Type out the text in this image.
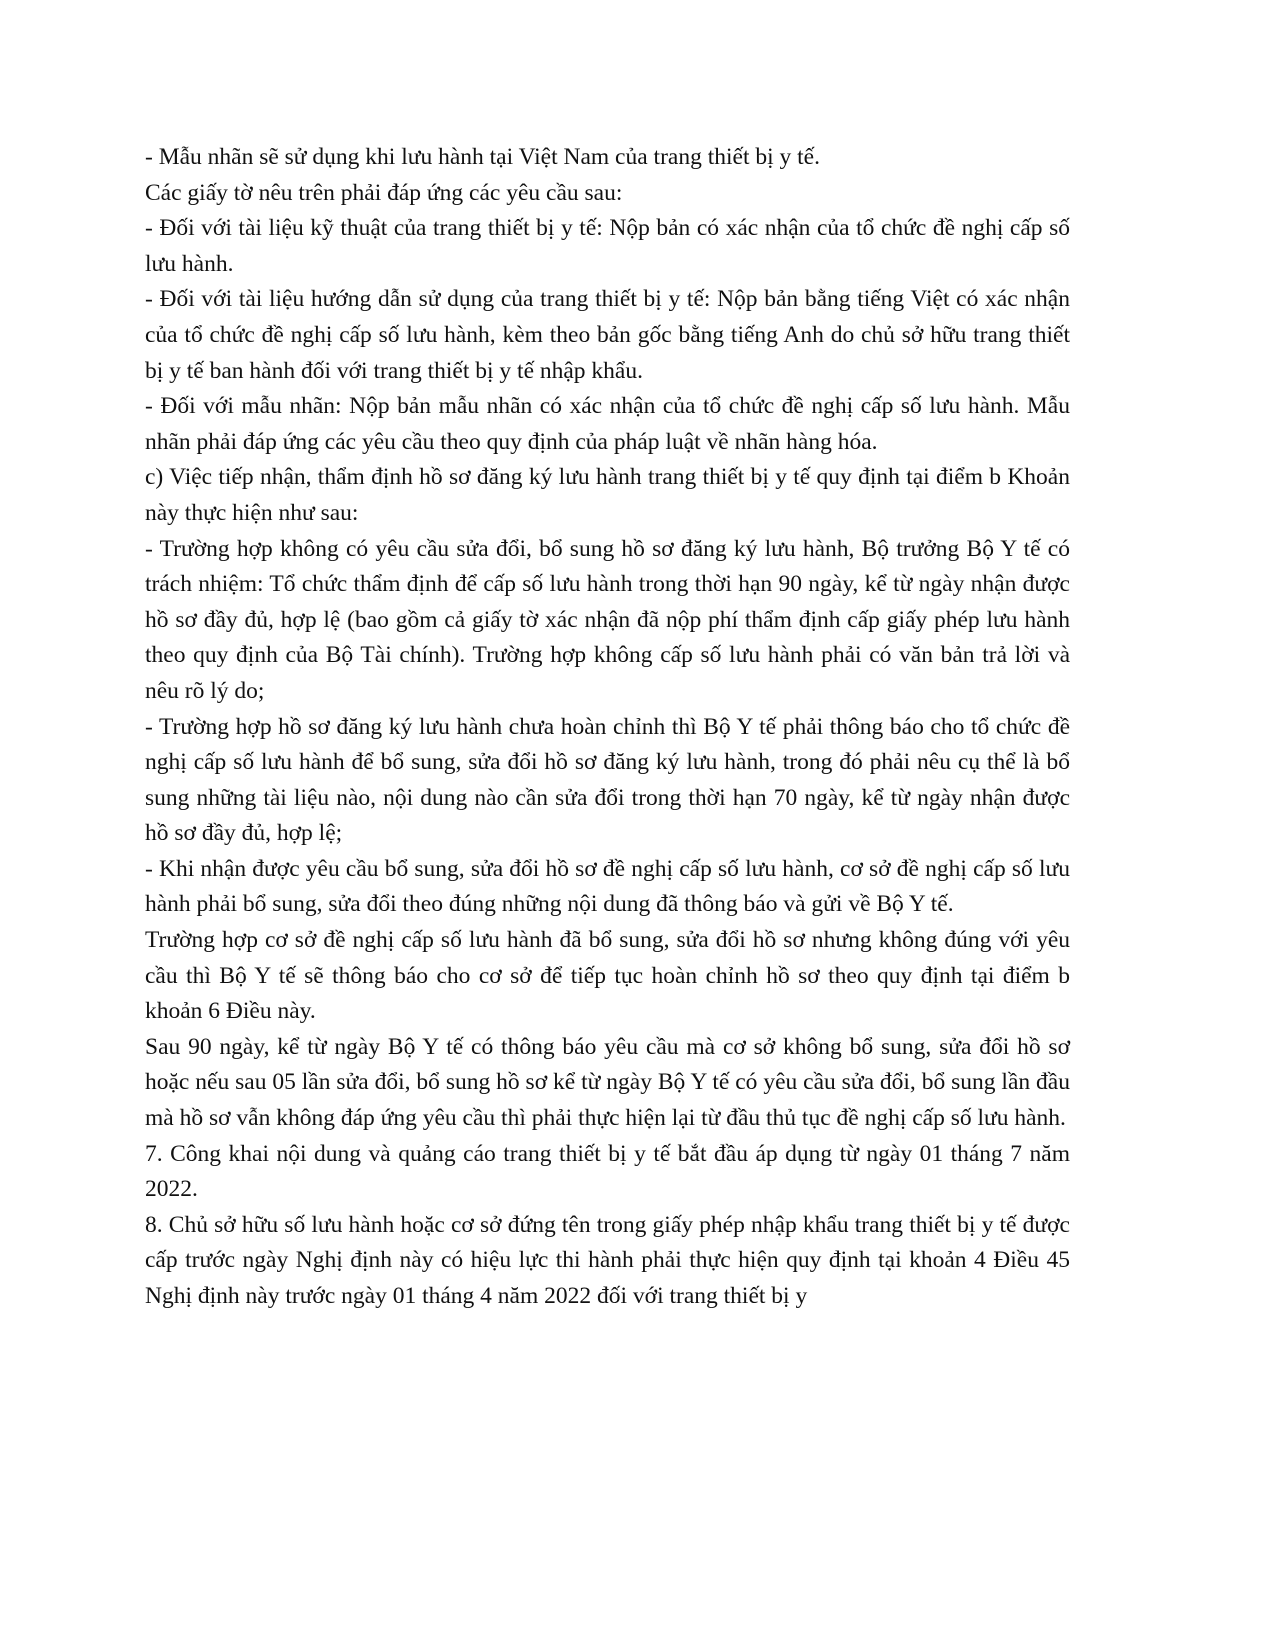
- Mẫu nhãn sẽ sử dụng khi lưu hành tại Việt Nam của trang thiết bị y tế.

Các giấy tờ nêu trên phải đáp ứng các yêu cầu sau:

- Đối với tài liệu kỹ thuật của trang thiết bị y tế: Nộp bản có xác nhận của tổ chức đề nghị cấp số lưu hành.

- Đối với tài liệu hướng dẫn sử dụng của trang thiết bị y tế: Nộp bản bằng tiếng Việt có xác nhận của tổ chức đề nghị cấp số lưu hành, kèm theo bản gốc bằng tiếng Anh do chủ sở hữu trang thiết bị y tế ban hành đối với trang thiết bị y tế nhập khẩu.

- Đối với mẫu nhãn: Nộp bản mẫu nhãn có xác nhận của tổ chức đề nghị cấp số lưu hành. Mẫu nhãn phải đáp ứng các yêu cầu theo quy định của pháp luật về nhãn hàng hóa.

c) Việc tiếp nhận, thẩm định hồ sơ đăng ký lưu hành trang thiết bị y tế quy định tại điểm b Khoản này thực hiện như sau:

- Trường hợp không có yêu cầu sửa đổi, bổ sung hồ sơ đăng ký lưu hành, Bộ trưởng Bộ Y tế có trách nhiệm: Tổ chức thẩm định để cấp số lưu hành trong thời hạn 90 ngày, kể từ ngày nhận được hồ sơ đầy đủ, hợp lệ (bao gồm cả giấy tờ xác nhận đã nộp phí thẩm định cấp giấy phép lưu hành theo quy định của Bộ Tài chính). Trường hợp không cấp số lưu hành phải có văn bản trả lời và nêu rõ lý do;

- Trường hợp hồ sơ đăng ký lưu hành chưa hoàn chỉnh thì Bộ Y tế phải thông báo cho tổ chức đề nghị cấp số lưu hành để bổ sung, sửa đổi hồ sơ đăng ký lưu hành, trong đó phải nêu cụ thể là bổ sung những tài liệu nào, nội dung nào cần sửa đổi trong thời hạn 70 ngày, kể từ ngày nhận được hồ sơ đầy đủ, hợp lệ;

- Khi nhận được yêu cầu bổ sung, sửa đổi hồ sơ đề nghị cấp số lưu hành, cơ sở đề nghị cấp số lưu hành phải bổ sung, sửa đổi theo đúng những nội dung đã thông báo và gửi về Bộ Y tế.

Trường hợp cơ sở đề nghị cấp số lưu hành đã bổ sung, sửa đổi hồ sơ nhưng không đúng với yêu cầu thì Bộ Y tế sẽ thông báo cho cơ sở để tiếp tục hoàn chỉnh hồ sơ theo quy định tại điểm b khoản 6 Điều này.

Sau 90 ngày, kể từ ngày Bộ Y tế có thông báo yêu cầu mà cơ sở không bổ sung, sửa đổi hồ sơ hoặc nếu sau 05 lần sửa đổi, bổ sung hồ sơ kể từ ngày Bộ Y tế có yêu cầu sửa đổi, bổ sung lần đầu mà hồ sơ vẫn không đáp ứng yêu cầu thì phải thực hiện lại từ đầu thủ tục đề nghị cấp số lưu hành.

7. Công khai nội dung và quảng cáo trang thiết bị y tế bắt đầu áp dụng từ ngày 01 tháng 7 năm 2022.

8. Chủ sở hữu số lưu hành hoặc cơ sở đứng tên trong giấy phép nhập khẩu trang thiết bị y tế được cấp trước ngày Nghị định này có hiệu lực thi hành phải thực hiện quy định tại khoản 4 Điều 45 Nghị định này trước ngày 01 tháng 4 năm 2022 đối với trang thiết bị y
